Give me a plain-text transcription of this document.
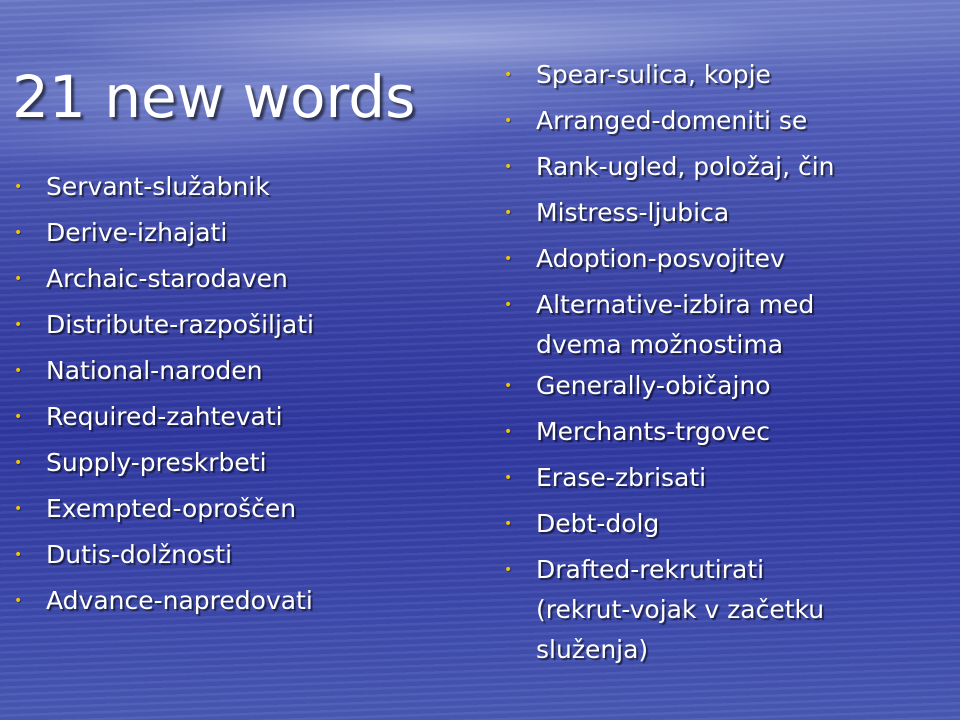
21 new words
• Servant-služabnik
• Derive-izhajati
• Archaic-starodaven
• Distribute-razpošiljati
• National-naroden
• Required-zahtevati
• Supply-preskrbeti
• Exempted-oproščen
• Dutis-dolžnosti
• Advance-napredovati
• Spear-sulica, kopje
• Arranged-domeniti se
• Rank-ugled, položaj, čin
• Mistress-ljubica
• Adoption-posvojitev
• Alternative-izbira med
dvema možnostima
• Generally-običajno
• Merchants-trgovec
• Erase-zbrisati
• Debt-dolg
• Drafted-rekrutirati
(rekrut-vojak v začetku
služenja)
